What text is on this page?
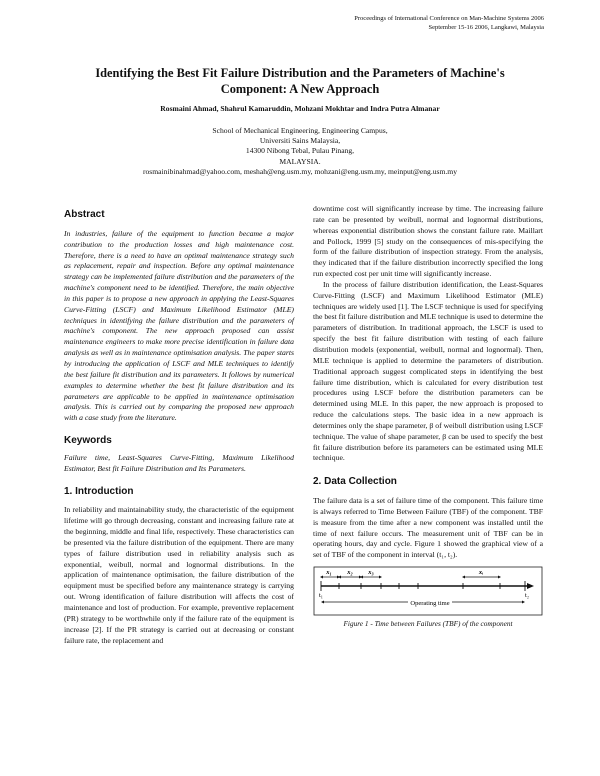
Proceedings of International Conference on Man-Machine Systems 2006
September 15-16 2006, Langkawi, Malaysia
Identifying the Best Fit Failure Distribution and the Parameters of Machine's Component: A New Approach
Rosmaini Ahmad, Shahrul Kamaruddin, Mohzani Mokhtar and Indra Putra Almanar
School of Mechanical Engineering, Engineering Campus,
Universiti Sains Malaysia,
14300 Nibong Tebal, Pulau Pinang,
MALAYSIA.
rosmainibinahmad@yahoo.com, meshah@eng.usm.my, mohzani@eng.usm.my, meinput@eng.usm.my
Abstract

In industries, failure of the equipment to function became a major contribution to the production losses and high maintenance cost. Therefore, there is a need to have an optimal maintenance strategy such as replacement, repair and inspection. Before any optimal maintenance strategy can be implemented failure distribution and the parameters of the machine's component need to be identified. Therefore, the main objective in this paper is to propose a new approach in applying the Least-Squares Curve-Fitting (LSCF) and Maximum Likelihood Estimator (MLE) techniques in identifying the failure distribution and the parameters of machine's component. The new approach proposed can assist maintenance engineers to make more precise identification in failure data analysis as well as in maintenance optimisation analysis. The paper starts by introducing the application of LSCF and MLE techniques to identify the best failure fit distribution and its parameters. It follows by numerical examples to determine whether the best fit failure distribution and its parameters are applicable to be applied in maintenance optimisation analysis. This is carried out by comparing the proposed new approach with a case study from the literature.

Keywords

Failure time, Least-Squares Curve-Fitting, Maximum Likelihood Estimator, Best fit Failure Distribution and Its Parameters.

1. Introduction

In reliability and maintainability study, the characteristic of the equipment lifetime will go through decreasing, constant and increasing failure rate at the beginning, middle and final life, respectively. These characteristics can be presented via the failure distribution of the equipment. There are many types of failure distribution used in reliability analysis such as exponential, weibull, normal and lognormal distributions. In the application of maintenance optimisation, the failure distribution of the equipment must be specified before any maintenance strategy is carrying out. Wrong identification of failure distribution will affects the cost of maintenance and lost of production. For example, preventive replacement (PR) strategy to be worthwhile only if the failure rate of the equipment is increase [2]. If the PR strategy is carried out at decreasing or constant failure rate, the replacement and

downtime cost will significantly increase by time. The increasing failure rate can be presented by weibull, normal and lognormal distributions, whereas exponential distribution shows the constant failure rate. Maillart and Pollock, 1999 [5] study on the consequences of mis-specifying the form of the failure distribution of inspection strategy. From the analysis, they indicated that if the failure distribution incorrectly specified the long run expected cost per unit time will significantly increase.

In the process of failure distribution identification, the Least-Squares Curve-Fitting (LSCF) and Maximum Likelihood Estimator (MLE) techniques are widely used [1]. The LSCF technique is used for specifying the best fit failure distribution and MLE technique is used to determine the parameters of distribution. In traditional approach, the LSCF is used to specify the best fit failure distribution with testing of each failure distribution models (exponential, weibull, normal and lognormal). Then, MLE technique is applied to determine the parameters of distribution. Traditional approach suggest complicated steps in identifying the best failure time distribution, which is calculated for every distribution test procedures using LSCF before the distribution parameters can be determined using MLE. In this paper, the new approach is proposed to reduce the calculations steps. The basic idea in a new approach is determines only the shape parameter, β of weibull distribution using LSCF technique. The value of shape parameter, β can be used to specify the best fit failure distribution before its parameters can be estimated using MLE technique.

2. Data Collection

The failure data is a set of failure time of the component. This failure time is always referred to Time Between Failure (TBF) of the component. TBF is measure from the time after a new component was installed until the time of next failure occurs. The measurement unit of TBF can be in operating hours, day and cycle. Figure 1 showed the graphical view of a set of TBF of the component in interval (t₁, t₂).

Operating time
x₁ x₂ x₃	xᵢ
t₁	t₂
Figure 1 - Time between Failures (TBF) of the component
